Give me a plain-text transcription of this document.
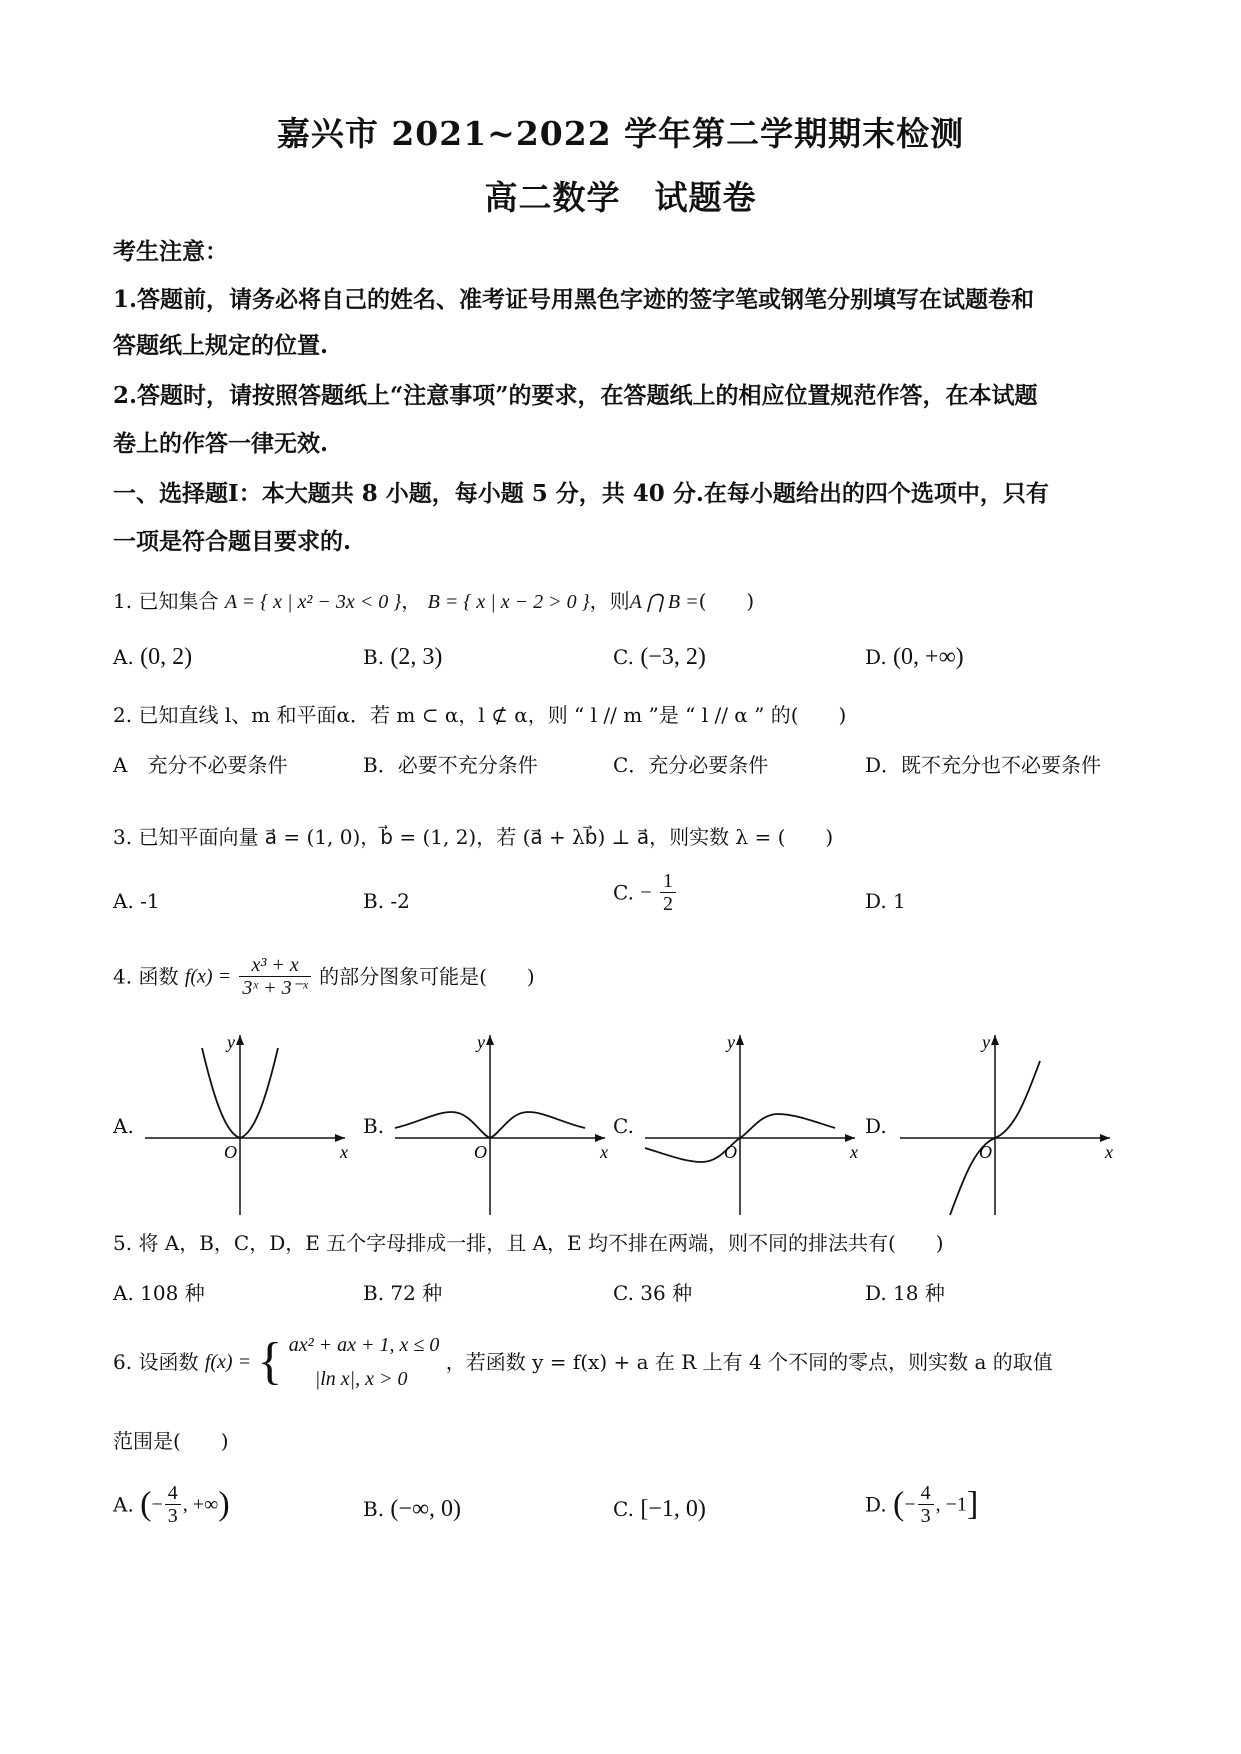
嘉兴市 2021~2022 学年第二学期期末检测
高二数学　试题卷
考生注意：
1.答题前，请务必将自己的姓名、准考证号用黑色字迹的签字笔或钢笔分别填写在试题卷和
答题纸上规定的位置.
2.答题时，请按照答题纸上“注意事项”的要求，在答题纸上的相应位置规范作答，在本试题
卷上的作答一律无效.
一、选择题Ⅰ：本大题共 8 小题，每小题 5 分，共 40 分.在每小题给出的四个选项中，只有
一项是符合题目要求的.
1. 已知集合 A = { x | x² − 3x < 0 }， B = { x | x − 2 > 0 }，则A ⋂ B =(　　)
A. (0, 2)	B. (2, 3)	C. (−3, 2)	D. (0, +∞)
2. 已知直线 l、m 和平面α．若 m ⊂ α，l ⊄ α，则 “ l // m ”是 “ l // α ” 的(　　)
A　充分不必要条件	B．必要不充分条件	C．充分必要条件	D．既不充分也不必要条件
3. 已知平面向量 a⃗ = (1, 0)，b⃗ = (1, 2)，若 (a⃗ + λb⃗) ⊥ a⃗，则实数 λ = (　　)
A. -1	B. -2	C. − $\frac{1}{2}$	D. 1
4. 函数 $f(x) = \frac{\text{x³ + x}}{\text{3ˣ + 3⁻ˣ}}$ 的部分图象可能是(　　)
A.	B.	C.	D.
y
x
O
y
x
O
y
x
O
y
x
O
5. 将 A，B，C，D，E 五个字母排成一排，且 A，E 均不排在两端，则不同的排法共有(　　)
A. 108 种	B. 72 种	C. 36 种	D. 18 种
6. 设函数 f(x) = { ax² + ax + 1, x ≤ 0
|ln x|, x > 0
，若函数 y = f(x) + a 在 R 上有 4 个不同的零点，则实数 a 的取值
范围是(　　)
A. (− $\frac{4}{3}$ , +∞)	B. (−∞, 0)	C. [−1, 0)	D. (− $\frac{4}{3}$ , −1]
